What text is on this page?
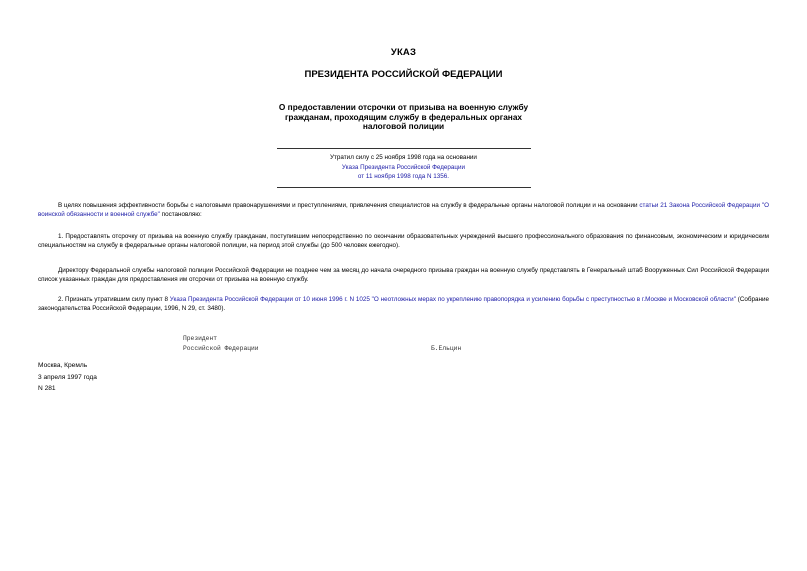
УКАЗ
ПРЕЗИДЕНТА РОССИЙСКОЙ ФЕДЕРАЦИИ
О предоставлении отсрочки от призыва на военную службу
гражданам, проходящим службу в федеральных органах
налоговой полиции
Утратил силу с 25 ноября 1998 года на основании
Указа Президента Российской Федерации
от 11 ноября 1998 года N 1356.
В целях повышения эффективности борьбы с налоговыми правонарушениями и преступлениями, привлечения специалистов на службу в федеральные органы налоговой полиции и на основании статьи 21 Закона Российской Федерации "О воинской обязанности и военной службе" постановляю:
1. Предоставлять отсрочку от призыва на военную службу гражданам, поступившим непосредственно по окончании образовательных учреждений высшего профессионального образования по финансовым, экономическим и юридическим специальностям на службу в федеральные органы налоговой полиции, на период этой службы (до 500 человек ежегодно).
Директору Федеральной службы налоговой полиции Российской Федерации не позднее чем за месяц до начала очередного призыва граждан на военную службу представлять в Генеральный штаб Вооруженных Сил Российской Федерации список указанных граждан для предоставления им отсрочки от призыва на военную службу.
2. Признать утратившим силу пункт 8 Указа Президента Российской Федерации от 10 июня 1996 г. N 1025 "О неотложных мерах по укреплению правопорядка и усилению борьбы с преступностью в г.Москве и Московской области" (Собрание законодательства Российской Федерации, 1996, N 29, ст. 3480).
Президент
Российской Федерации	Б.Ельцин
Москва, Кремль
3 апреля 1997 года
N 281
